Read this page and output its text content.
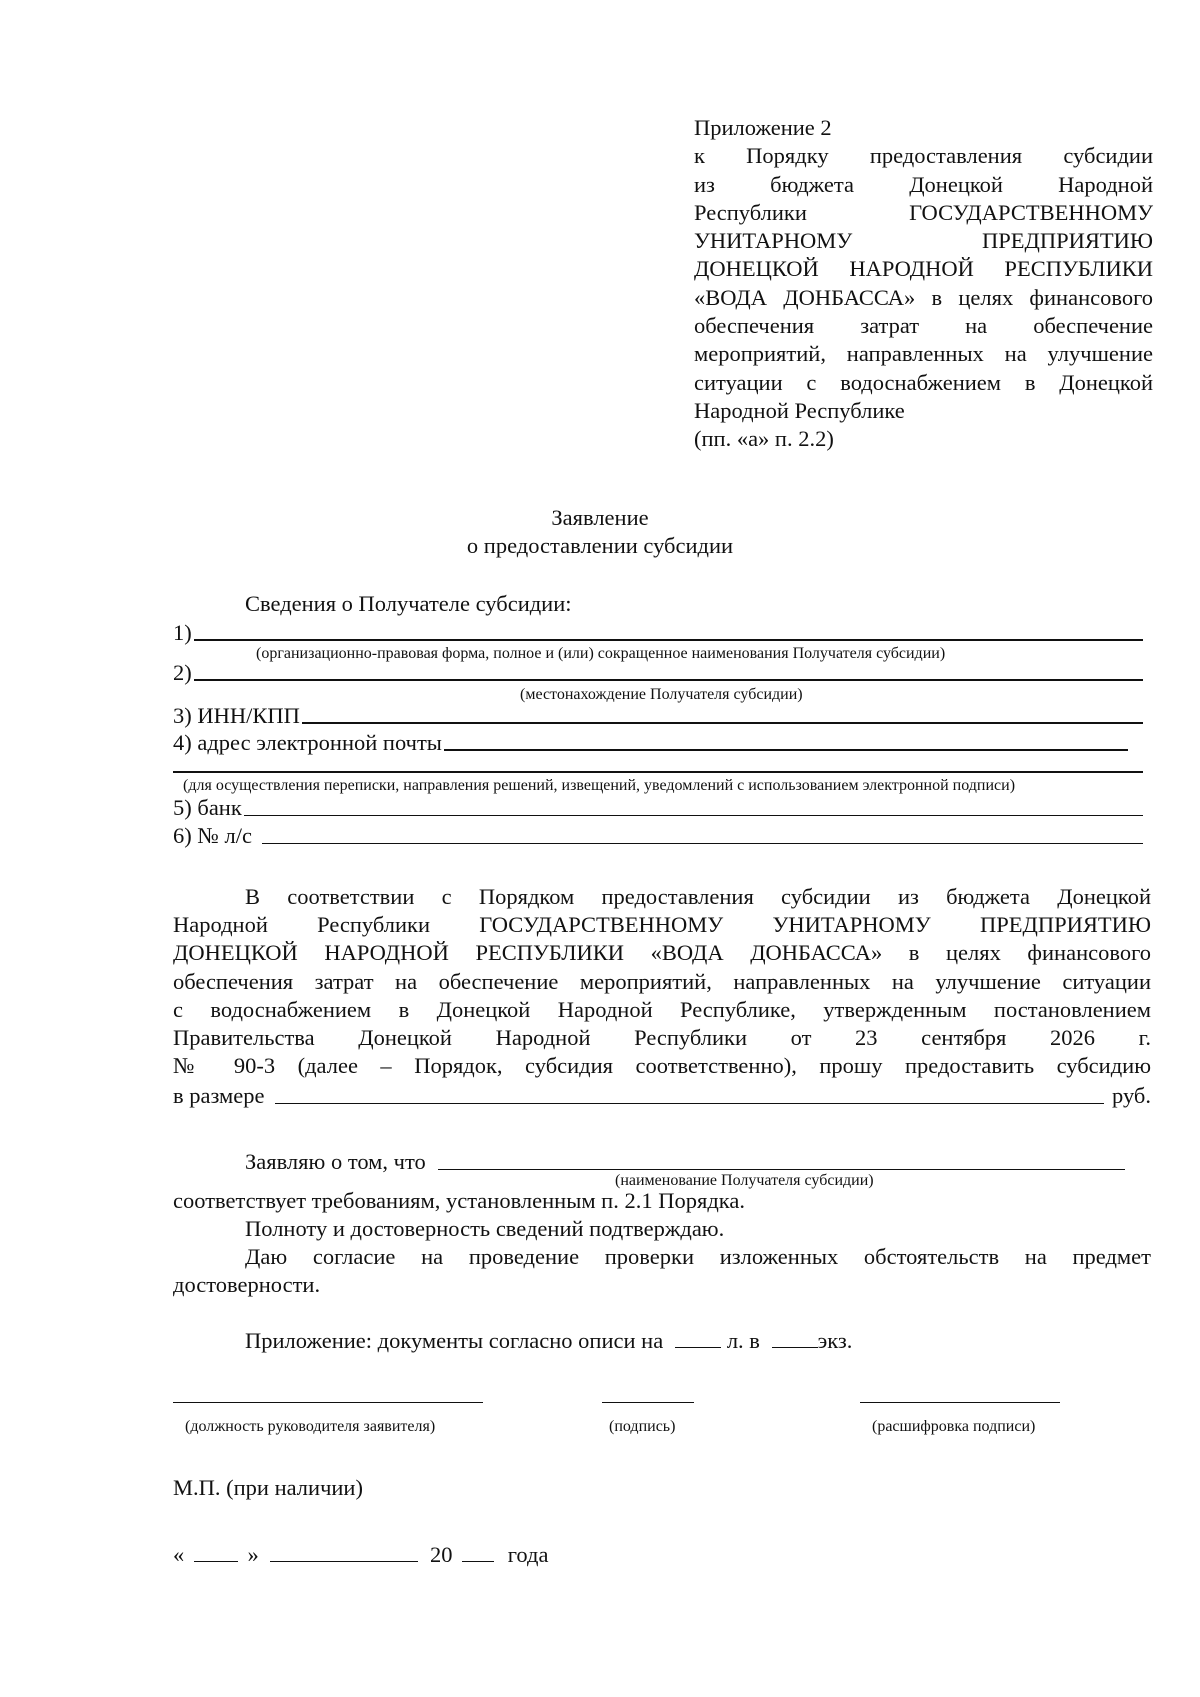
Приложение 2
к Порядку предоставления субсидии
из бюджета Донецкой Народной
Республики ГОСУДАРСТВЕННОМУ
УНИТАРНОМУ ПРЕДПРИЯТИЮ
ДОНЕЦКОЙ НАРОДНОЙ РЕСПУБЛИКИ
«ВОДА ДОНБАССА» в целях финансового
обеспечения затрат на обеспечение
мероприятий, направленных на улучшение
ситуации с водоснабжением в Донецкой
Народной Республике
(пп. «а» п. 2.2)
Заявление
о предоставлении субсидии
Сведения о Получателе субсидии:
1)
(организационно-правовая форма, полное и (или) сокращенное наименования Получателя субсидии)
2)
(местонахождение Получателя субсидии)
3) ИНН/КПП
4) адрес электронной почты
(для осуществления переписки, направления решений, извещений, уведомлений с использованием электронной подписи)
5) банк
6) № л/с
В соответствии с Порядком предоставления субсидии из бюджета Донецкой
Народной Республики ГОСУДАРСТВЕННОМУ УНИТАРНОМУ ПРЕДПРИЯТИЮ
ДОНЕЦКОЙ НАРОДНОЙ РЕСПУБЛИКИ «ВОДА ДОНБАССА» в целях финансового
обеспечения затрат на обеспечение мероприятий, направленных на улучшение ситуации
с водоснабжением в Донецкой Народной Республике, утвержденным постановлением
Правительства Донецкой Народной Республики от 23 сентября 2026 г.
№ 90-3 (далее – Порядок, субсидия соответственно), прошу предоставить субсидию
в размере	руб.
Заявляю о том, что
(наименование Получателя субсидии)
соответствует требованиям, установленным п. 2.1 Порядка.
Полноту и достоверность сведений подтверждаю.
Даю согласие на проведение проверки изложенных обстоятельств на предмет
достоверности.
Приложение: документы согласно описи на	л. в	экз.
(должность руководителя заявителя)	(подпись)	(расшифровка подписи)
М.П. (при наличии)
«	»	20 года
